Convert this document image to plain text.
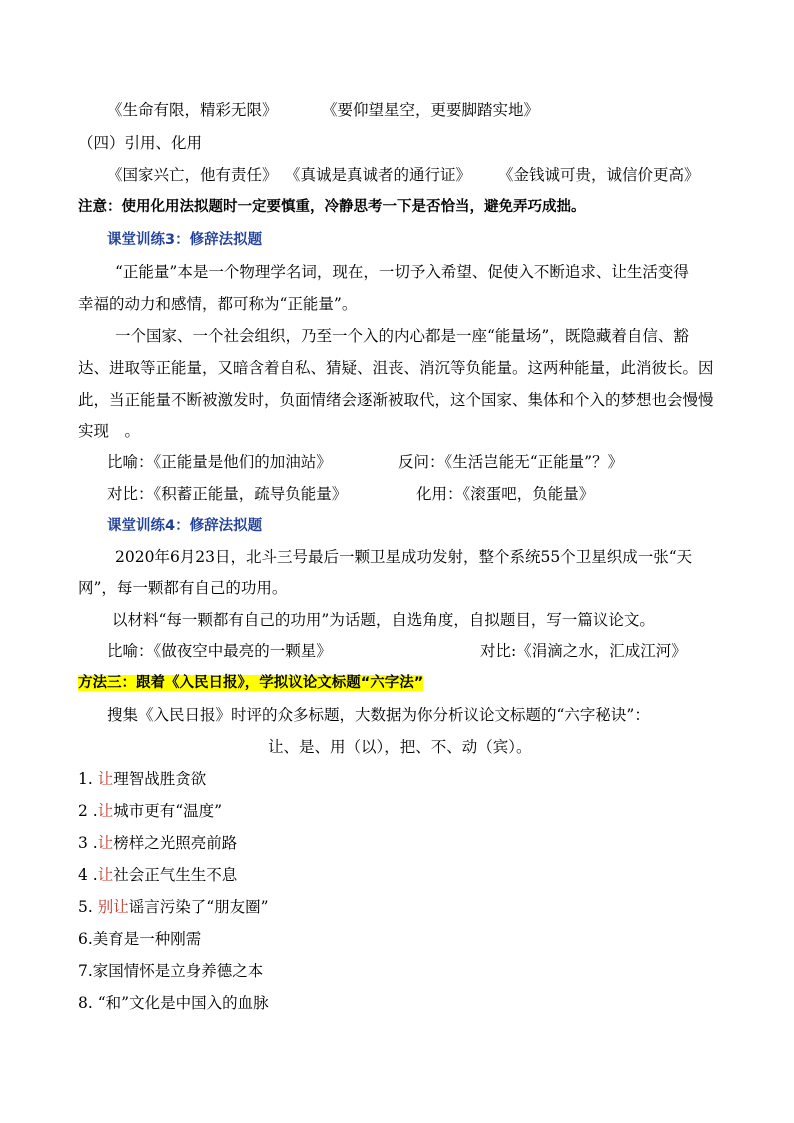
《生命有限，精彩无限》	《要仰望星空，更要脚踏实地》
（四）引用、化用
《国家兴亡，他有责任》 《真诚是真诚者的通行证》 《金钱诚可贵，诚信价更高》
注意：使用化用法拟题时一定要慎重，冷静思考一下是否恰当，避免弄巧成拙。
课堂训练3：修辞法拟题
“正能量”本是一个物理学名词，现在，一切予入希望、促使入不断追求、让生活变得
幸福的动力和感情，都可称为“正能量”。
一个国家、一个社会组织，乃至一个入的内心都是一座“能量场”，既隐藏着自信、豁
达、进取等正能量，又暗含着自私、猜疑、沮丧、消沉等负能量。这两种能量，此消彼长。因
此，当正能量不断被激发时，负面情绪会逐渐被取代，这个国家、集体和个入的梦想也会慢慢
实现　。
比喻：《正能量是他们的加油站》	反问：《生活岂能无“正能量”？》
对比：《积蓄正能量，疏导负能量》	化用：《滚蛋吧，负能量》
课堂训练4：修辞法拟题
2020年6月23日，北斗三号最后一颗卫星成功发射，整个系统55个卫星织成一张“天
网”，每一颗都有自己的功用。
以材料“每一颗都有自己的功用”为话题，自选角度，自拟题目，写一篇议论文。
比喻：《做夜空中最亮的一颗星》	对比:《涓滴之水，汇成江河》
方法三：跟着《入民日报》，学拟议论文标题“六字法”
搜集《入民日报》时评的众多标题，大数据为你分析议论文标题的“六字秘诀”：
让、是、用（以），把、不、动（宾）。
1. 让理智战胜贪欲
2 .让城市更有“温度”
3 .让榜样之光照亮前路
4 .让社会正气生生不息
5. 别让谣言污染了“朋友圈”
6.美育是一种刚需
7.家国情怀是立身养德之本
8. “和”文化是中国入的血脉
